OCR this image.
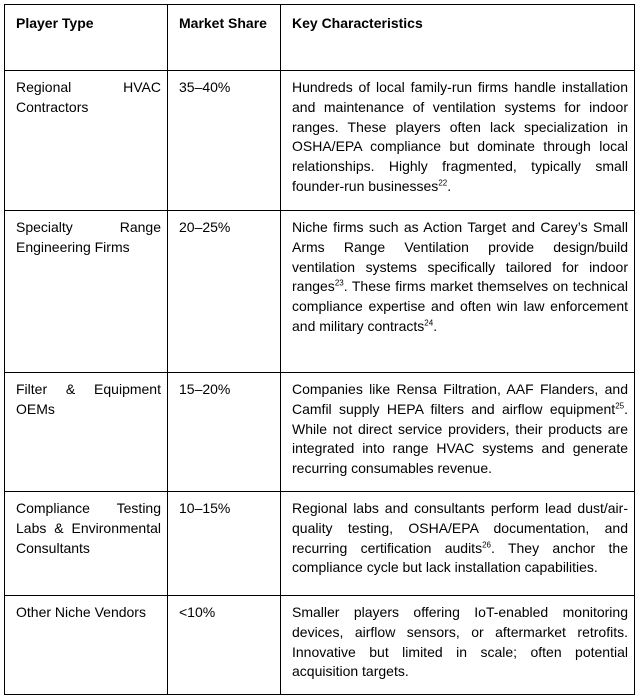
Player Type	Market Share	Key Characteristics

Regional HVAC Contractors	35–40%	Hundreds of local family-run firms handle installation and maintenance of ventilation systems for indoor ranges. These players often lack specialization in OSHA/EPA compliance but dominate through local relationships. Highly fragmented, typically small founder-run businesses$^{22}$.

Specialty Range Engineering Firms	20–25%	Niche firms such as Action Target and Carey’s Small Arms Range Ventilation provide design/build ventilation systems specifically tailored for indoor ranges$^{23}$. These firms market themselves on technical compliance expertise and often win law enforcement and military contracts$^{24}$.

Filter & Equipment OEMs	15–20%	Companies like Rensa Filtration, AAF Flanders, and Camfil supply HEPA filters and airflow equipment$^{25}$. While not direct service providers, their products are integrated into range HVAC systems and generate recurring consumables revenue.

Compliance Testing Labs & Environmental Consultants	10–15%	Regional labs and consultants perform lead dust/air-quality testing, OSHA/EPA documentation, and recurring certification audits$^{26}$. They anchor the compliance cycle but lack installation capabilities.

Other Niche Vendors	<10%	Smaller players offering IoT-enabled monitoring devices, airflow sensors, or aftermarket retrofits. Innovative but limited in scale; often potential acquisition targets.
